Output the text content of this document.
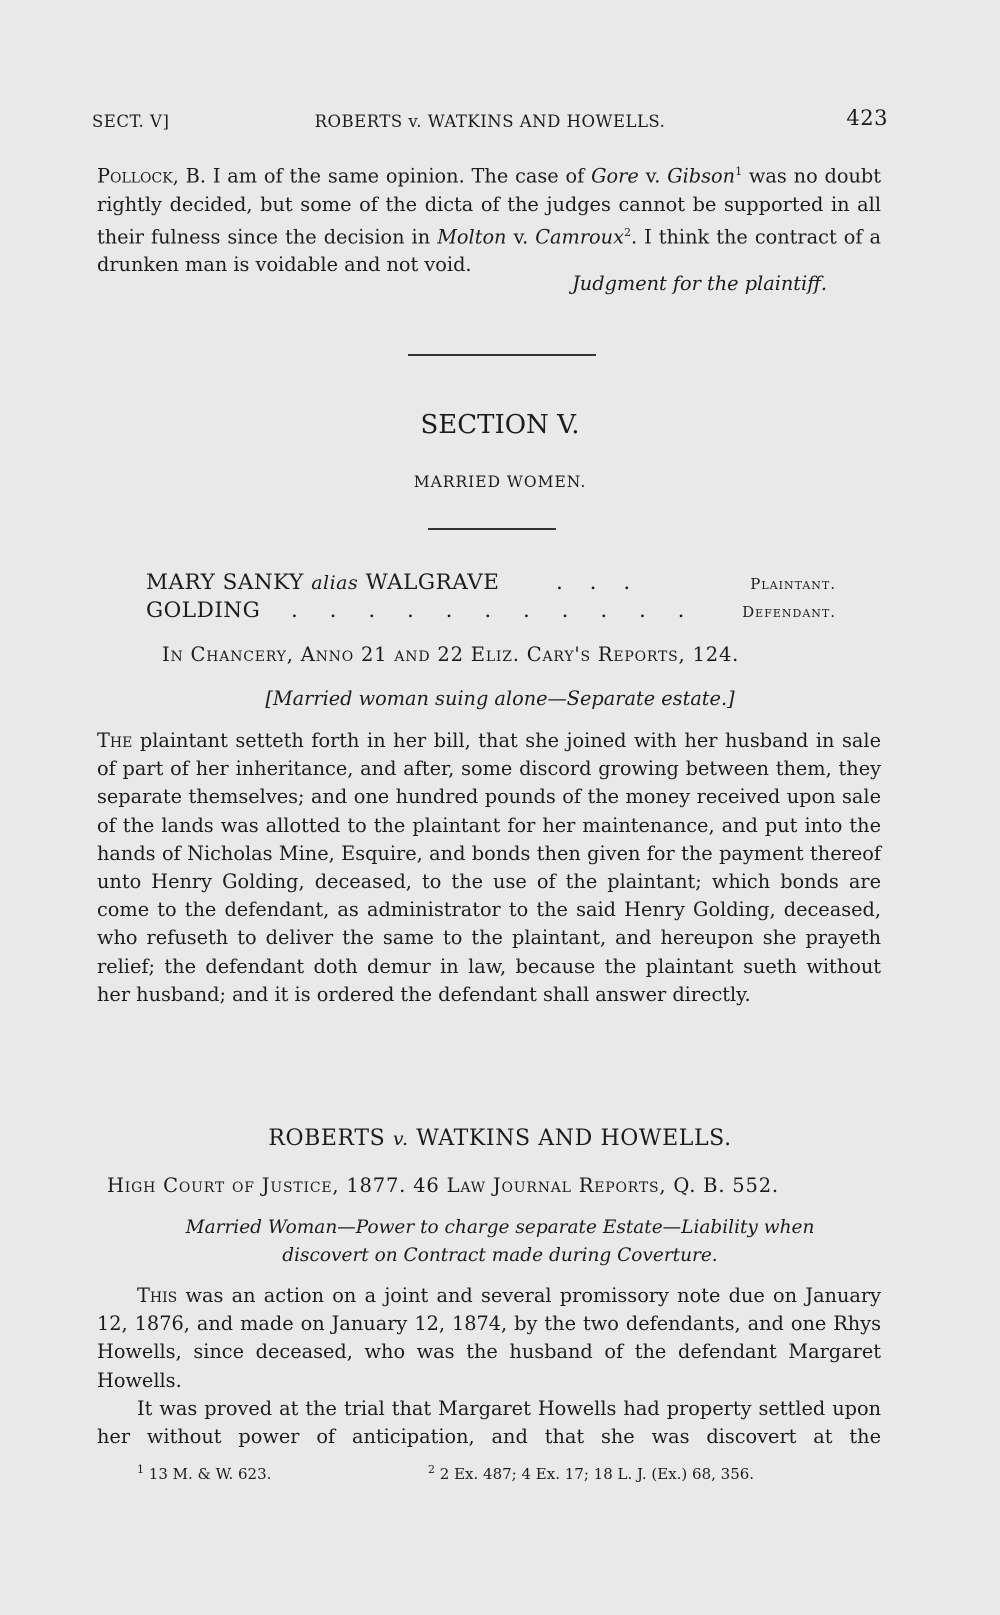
SECT. V]	ROBERTS v. WATKINS AND HOWELLS.	423
Pollock, B. I am of the same opinion. The case of Gore v. Gibson$^1$ was no doubt rightly decided, but some of the dicta of the judges cannot be supported in all their fulness since the decision in Molton v. Camroux$^2$. I think the contract of a drunken man is voidable and not void.
Judgment for the plaintiff.
SECTION V.
MARRIED WOMEN.
MARY SANKY alias WALGRAVE	. . .	Plaintant.
GOLDING . . . . . . . . . . .	Defendant.
In Chancery, Anno 21 and 22 Eliz. Cary's Reports, 124.
[Married woman suing alone—Separate estate.]
The plaintant setteth forth in her bill, that she joined with her husband in sale of part of her inheritance, and after, some discord growing between them, they separate themselves; and one hundred pounds of the money received upon sale of the lands was allotted to the plaintant for her maintenance, and put into the hands of Nicholas Mine, Esquire, and bonds then given for the payment thereof unto Henry Golding, deceased, to the use of the plaintant; which bonds are come to the defendant, as administrator to the said Henry Golding, deceased, who refuseth to deliver the same to the plaintant, and hereupon she prayeth relief; the defendant doth demur in law, because the plaintant sueth without her husband; and it is ordered the defendant shall answer directly.
ROBERTS v. WATKINS AND HOWELLS.
High Court of Justice, 1877. 46 Law Journal Reports, Q. B. 552.
Married Woman—Power to charge separate Estate—Liability when
discovert on Contract made during Coverture.
This was an action on a joint and several promissory note due on January 12, 1876, and made on January 12, 1874, by the two defendants, and one Rhys Howells, since deceased, who was the husband of the defendant Margaret Howells.
It was proved at the trial that Margaret Howells had property settled upon her without power of anticipation, and that she was discovert at the
$^1$ 13 M. & W. 623.	$^2$ 2 Ex. 487; 4 Ex. 17; 18 L. J. (Ex.) 68, 356.
